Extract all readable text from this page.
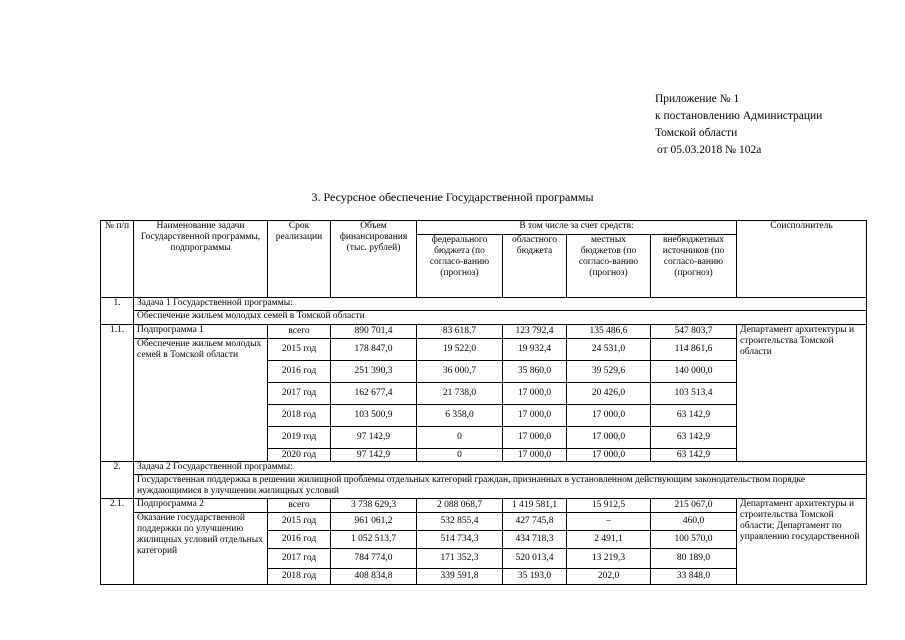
Приложение № 1
к постановлению Администрации
Томской области
от 05.03.2018 № 102а
3. Ресурсное обеспечение Государственной программы
№ п/п	Наименование задачи Государственной программы, подпрограммы	Срок реализации	Объем финансирования (тыс. рублей)	В том числе за счет средств:				Соисполнитель
				федерального бюджета (по согласо-ванию (прогноз)	областного бюджета	местных бюджетов (по согласо-ванию (прогноз)	внебюджетных источников (по согласо-ванию (прогноз)	
1.	Задача 1 Государственной программы:							
	Обеспечение жильем молодых семей в Томской области							
1.1.	Подпрограмма 1	всего	890 701,4	83 618,7	123 792,4	135 486,6	547 803,7	Департамент архитектуры и строительства Томской области
	Обеспечение жильем молодых семей в Томской области	2015 год	178 847,0	19 522,0	19 932,4	24 531,0	114 861,6	
		2016 год	251 390,3	36 000,7	35 860,0	39 529,6	140 000,0	
		2017 год	162 677,4	21 738,0	17 000,0	20 426,0	103 513,4	
		2018 год	103 500,9	6 358,0	17 000,0	17 000,0	63 142,9	
		2019 год	97 142,9	0	17 000,0	17 000,0	63 142,9	
		2020 год	97 142,9	0	17 000,0	17 000,0	63 142,9	
2.	Задача 2 Государственной программы:							
	Государственная поддержка в решении жилищной проблемы отдельных категорий граждан, признанных в установленном действующим законодательством порядке нуждающимися в улучшении жилищных условий							
2.1.	Подпрограмма 2	всего	3 738 629,3	2 088 068,7	1 419 581,1	15 912,5	215 067,0	Департамент архитектуры и строительства Томской области; Департамент по управлению государственной
	Оказание государственной поддержки по улучшению жилищных условий отдельных категорий	2015 год	961 061,2	532 855,4	427 745,8	–	460,0	
		2016 год	1 052 513,7	514 734,3	434 718,3	2 491,1	100 570,0	
		2017 год	784 774,0	171 352,3	520 013,4	13 219,3	80 189,0	
		2018 год	408 834,8	339 591,8	35 193,0	202,0	33 848,0	
